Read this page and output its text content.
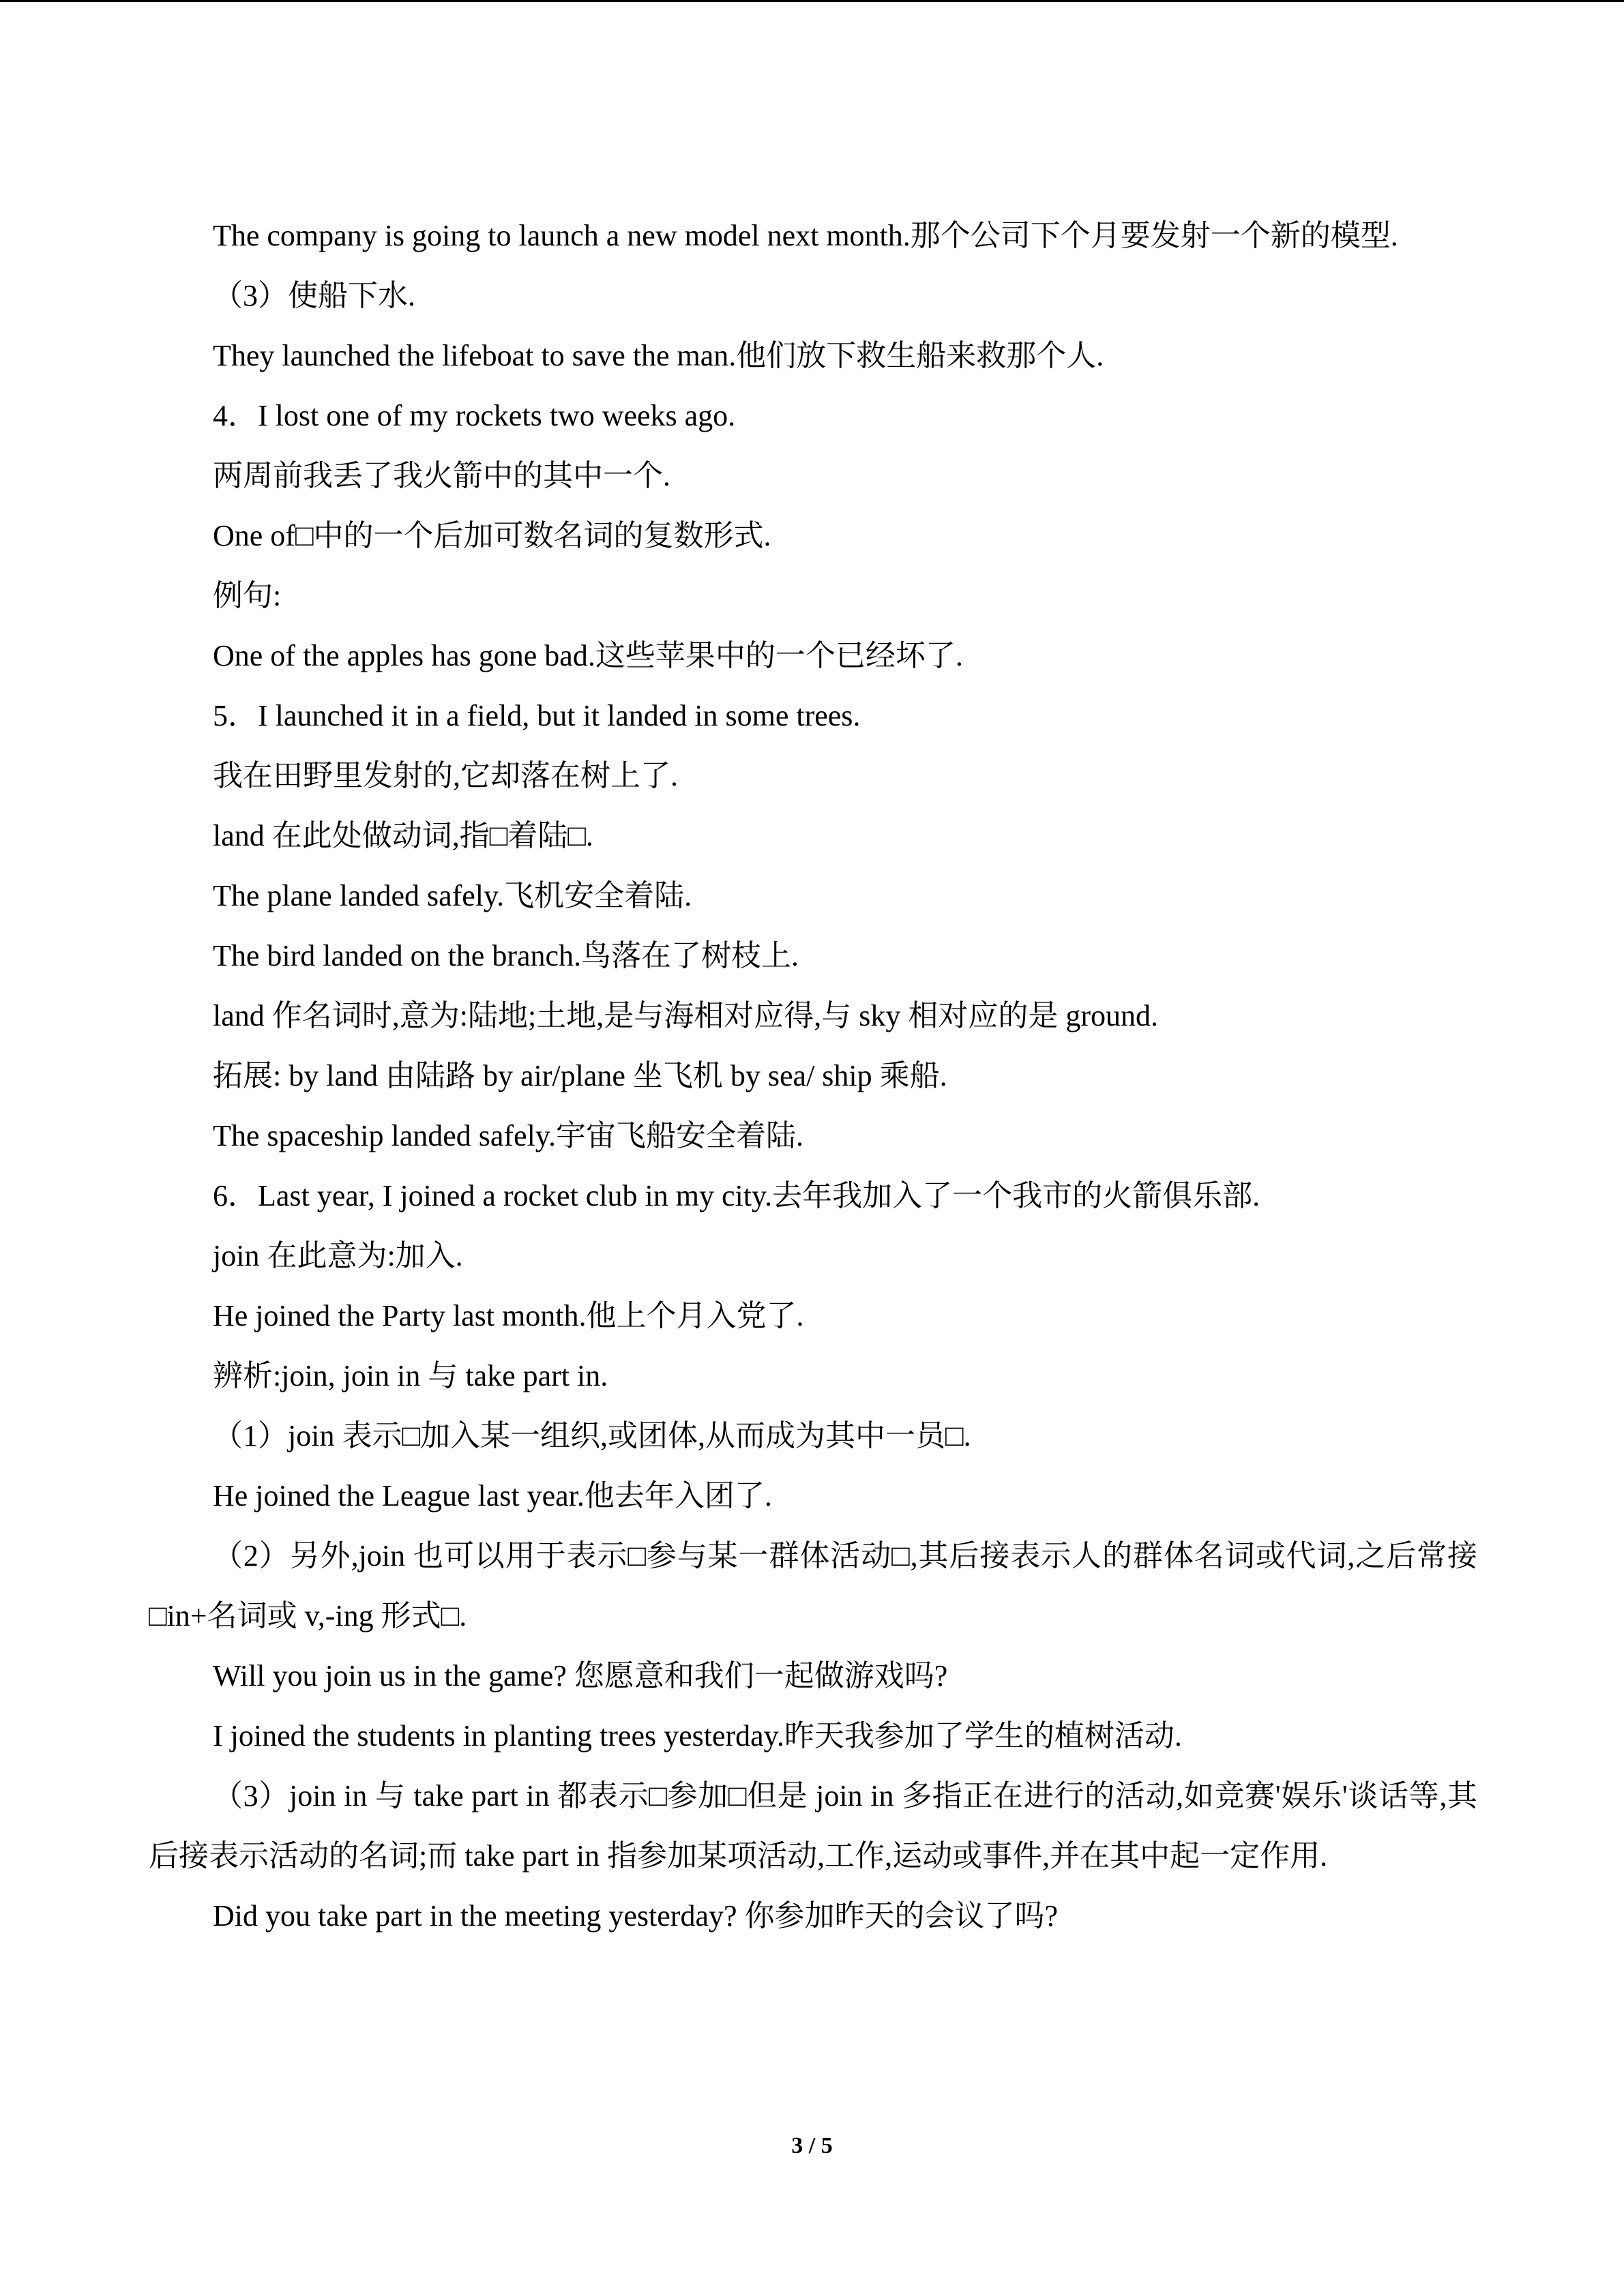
The company is going to launch a new model next month.那个公司下个月要发射一个新的模型.
（3）使船下水.
They launched the lifeboat to save the man.他们放下救生船来救那个人.
4．I lost one of my rockets two weeks ago.
两周前我丢了我火箭中的其中一个.
One of□中的一个后加可数名词的复数形式.
例句:
One of the apples has gone bad.这些苹果中的一个已经坏了.
5．I launched it in a field, but it landed in some trees.
我在田野里发射的,它却落在树上了.
land 在此处做动词,指□着陆□.
The plane landed safely.飞机安全着陆.
The bird landed on the branch.鸟落在了树枝上.
land 作名词时,意为:陆地;土地,是与海相对应得,与 sky 相对应的是 ground.
拓展: by land 由陆路 by air/plane 坐飞机 by sea/ ship 乘船.
The spaceship landed safely.宇宙飞船安全着陆.
6．Last year, I joined a rocket club in my city.去年我加入了一个我市的火箭俱乐部.
join 在此意为:加入.
He joined the Party last month.他上个月入党了.
辨析:join, join in 与 take part in.
（1）join 表示□加入某一组织,或团体,从而成为其中一员□.
He joined the League last year.他去年入团了.
（2）另外,join 也可以用于表示□参与某一群体活动□,其后接表示人的群体名词或代词,之后常接□in+名词或 v,-ing 形式□.
Will you join us in the game? 您愿意和我们一起做游戏吗?
I joined the students in planting trees yesterday.昨天我参加了学生的植树活动.
（3）join in 与 take part in 都表示□参加□但是 join in 多指正在进行的活动,如竞赛'娱乐'谈话等,其后接表示活动的名词;而 take part in 指参加某项活动,工作,运动或事件,并在其中起一定作用.
Did you take part in the meeting yesterday? 你参加昨天的会议了吗?
3 / 5
